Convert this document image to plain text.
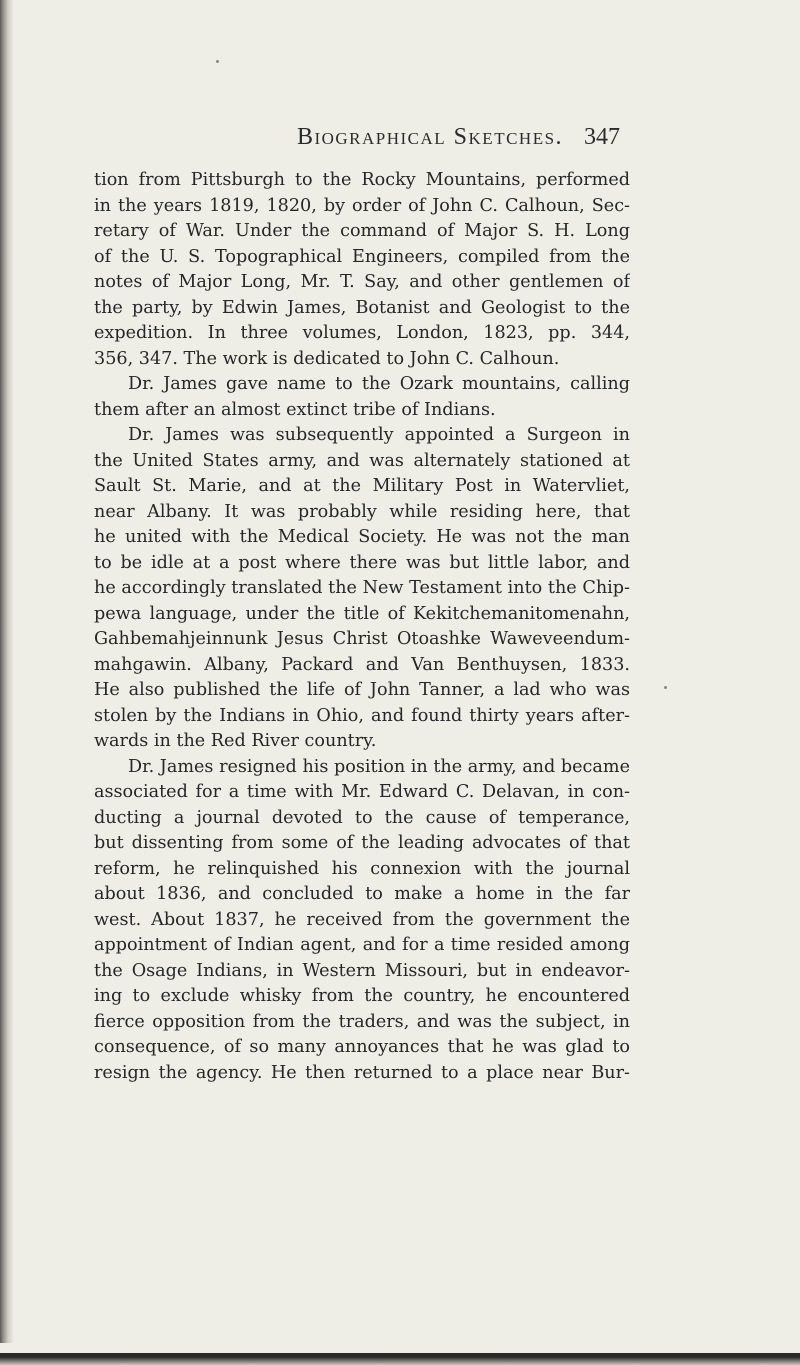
Biographical Sketches. 347
tion from Pittsburgh to the Rocky Mountains, performed
in the years 1819, 1820, by order of John C. Calhoun, Sec-
retary of War. Under the command of Major S. H. Long
of the U. S. Topographical Engineers, compiled from the
notes of Major Long, Mr. T. Say, and other gentlemen of
the party, by Edwin James, Botanist and Geologist to the
expedition. In three volumes, London, 1823, pp. 344,
356, 347. The work is dedicated to John C. Calhoun.
Dr. James gave name to the Ozark mountains, calling
them after an almost extinct tribe of Indians.
Dr. James was subsequently appointed a Surgeon in
the United States army, and was alternately stationed at
Sault St. Marie, and at the Military Post in Watervliet,
near Albany. It was probably while residing here, that
he united with the Medical Society. He was not the man
to be idle at a post where there was but little labor, and
he accordingly translated the New Testament into the Chip-
pewa language, under the title of Kekitchemanitomenahn,
Gahbemahjeinnunk Jesus Christ Otoashke Waweveendum-
mahgawin. Albany, Packard and Van Benthuysen, 1833.
He also published the life of John Tanner, a lad who was
stolen by the Indians in Ohio, and found thirty years after-
wards in the Red River country.
Dr. James resigned his position in the army, and became
associated for a time with Mr. Edward C. Delavan, in con-
ducting a journal devoted to the cause of temperance,
but dissenting from some of the leading advocates of that
reform, he relinquished his connexion with the journal
about 1836, and concluded to make a home in the far
west. About 1837, he received from the government the
appointment of Indian agent, and for a time resided among
the Osage Indians, in Western Missouri, but in endeavor-
ing to exclude whisky from the country, he encountered
fierce opposition from the traders, and was the subject, in
consequence, of so many annoyances that he was glad to
resign the agency. He then returned to a place near Bur-
